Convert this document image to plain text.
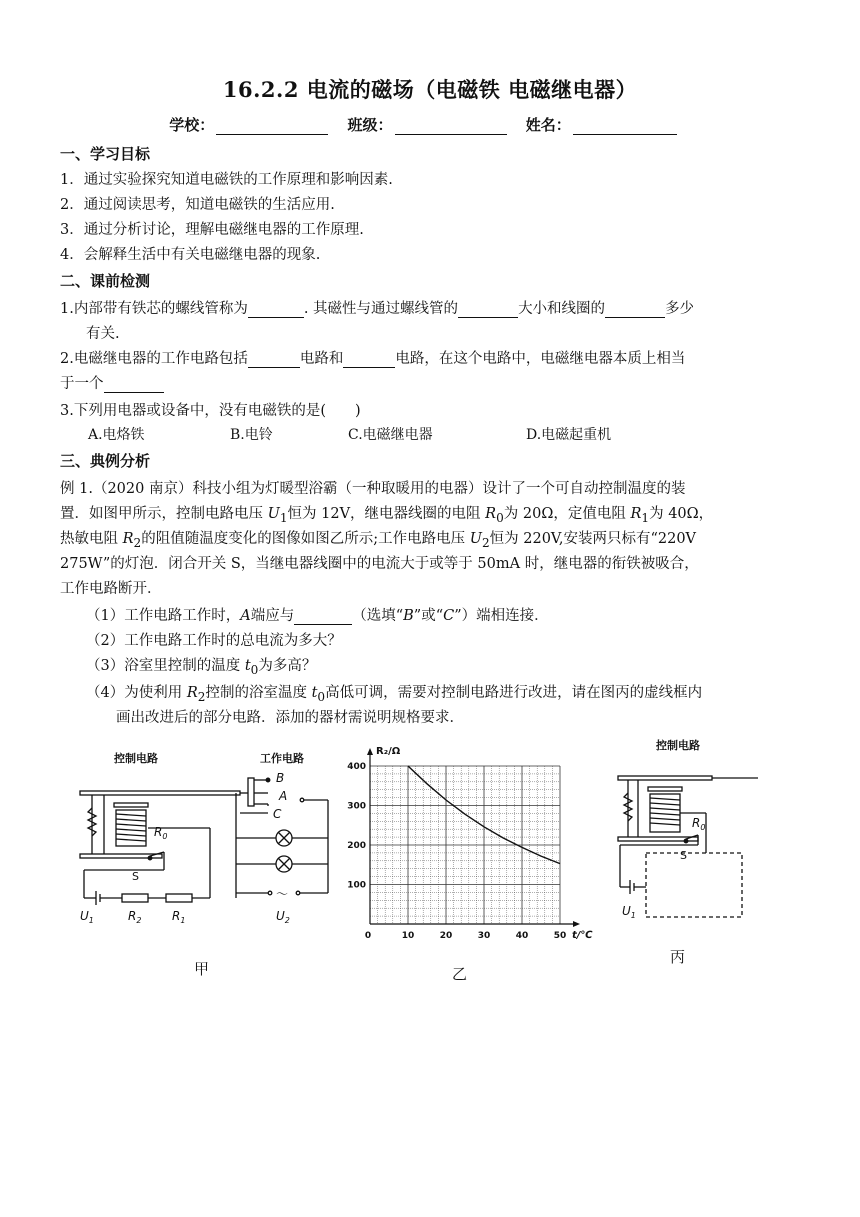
16.2.2 电流的磁场（电磁铁 电磁继电器）
学校：	班级：	姓名：
一、学习目标
1．通过实验探究知道电磁铁的工作原理和影响因素.
2．通过阅读思考，知道电磁铁的生活应用.
3．通过分析讨论，理解电磁继电器的工作原理.
4．会解释生活中有关电磁继电器的现象.
二、课前检测
1.内部带有铁芯的螺线管称为	. 其磁性与通过螺线管的	大小和线圈的	多少
有关.
2.电磁继电器的工作电路包括	电路和	电路，在这个电路中，电磁继电器本质上相当
于一个
3.下列用电器或设备中，没有电磁铁的是(　　)
A.电烙铁	B.电铃	C.电磁继电器	D.电磁起重机
三、典例分析
例 1.（2020 南京）科技小组为灯暖型浴霸（一种取暖用的电器）设计了一个可自动控制温度的装
置．如图甲所示，控制电路电压 $U_1$恒为 12V，继电器线圈的电阻 $R_0$为 20Ω，定值电阻 $R_1$为 40Ω，
热敏电阻 $R_2$的阻值随温度变化的图像如图乙所示;工作电路电压 $U_2$恒为 220V,安装两只标有“220V
275W”的灯泡．闭合开关 S，当继电器线圈中的电流大于或等于 50mA 时，继电器的衔铁被吸合，
工作电路断开．
（1）工作电路工作时，A端应与	（选填“B”或“C”）端相连接．
（2）工作电路工作时的总电流为多大？
（3）浴室里控制的温度 $t_0$为多高？
（4）为使利用 $R_2$控制的浴室温度 $t_0$高低可调，需要对控制电路进行改进，请在图丙的虚线框内
画出改进后的部分电路．添加的器材需说明规格要求．
控制电路	工作电路
$R_0$
S
$U_1$	$R_2$	$R_1$	$U_2$
B
A
C
～
甲
R₂/Ω
t/℃
0	10	20	30	40	50
100
200
300
400
乙
控制电路
$R_0$
S
$U_1$
丙
